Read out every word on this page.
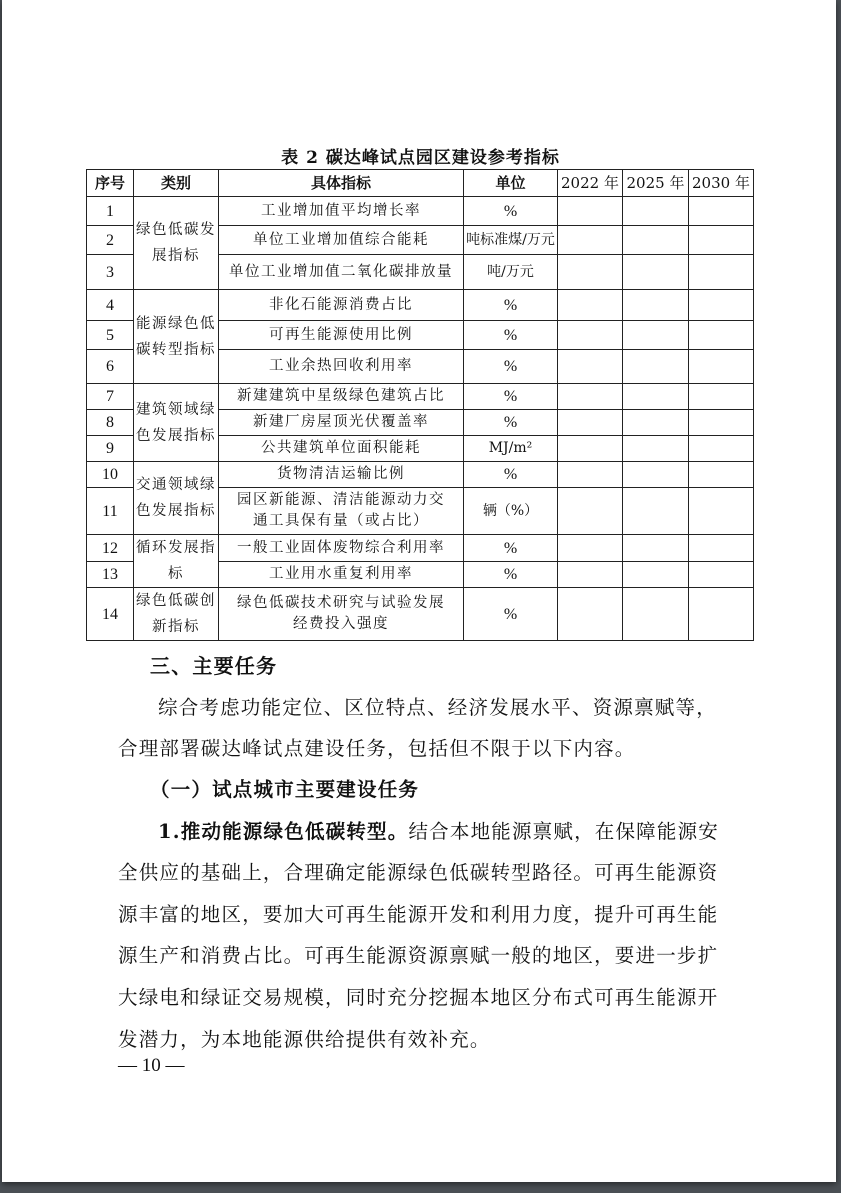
表 2 碳达峰试点园区建设参考指标
序号	类别	具体指标	单位	2022 年	2025 年	2030 年
1	绿色低碳发展指标	工业增加值平均增长率	%			
2		单位工业增加值综合能耗	吨标准煤/万元			
3		单位工业增加值二氧化碳排放量	吨/万元			
4	能源绿色低碳转型指标	非化石能源消费占比	%			
5		可再生能源使用比例	%			
6		工业余热回收利用率	%			
7	建筑领域绿色发展指标	新建建筑中星级绿色建筑占比	%			
8		新建厂房屋顶光伏覆盖率	%			
9		公共建筑单位面积能耗	MJ/m²			
10	交通领域绿色发展指标	货物清洁运输比例	%			
11		园区新能源、清洁能源动力交通工具保有量（或占比）	辆（%）			
12	循环发展指标	一般工业固体废物综合利用率	%			
13		工业用水重复利用率	%			
14	绿色低碳创新指标	绿色低碳技术研究与试验发展经费投入强度	%			
三、主要任务
综合考虑功能定位、区位特点、经济发展水平、资源禀赋等，
合理部署碳达峰试点建设任务，包括但不限于以下内容。
（一）试点城市主要建设任务
1.推动能源绿色低碳转型。结合本地能源禀赋，在保障能源安
全供应的基础上，合理确定能源绿色低碳转型路径。可再生能源资
源丰富的地区，要加大可再生能源开发和利用力度，提升可再生能
源生产和消费占比。可再生能源资源禀赋一般的地区，要进一步扩
大绿电和绿证交易规模，同时充分挖掘本地区分布式可再生能源开
发潜力，为本地能源供给提供有效补充。
— 10 —
